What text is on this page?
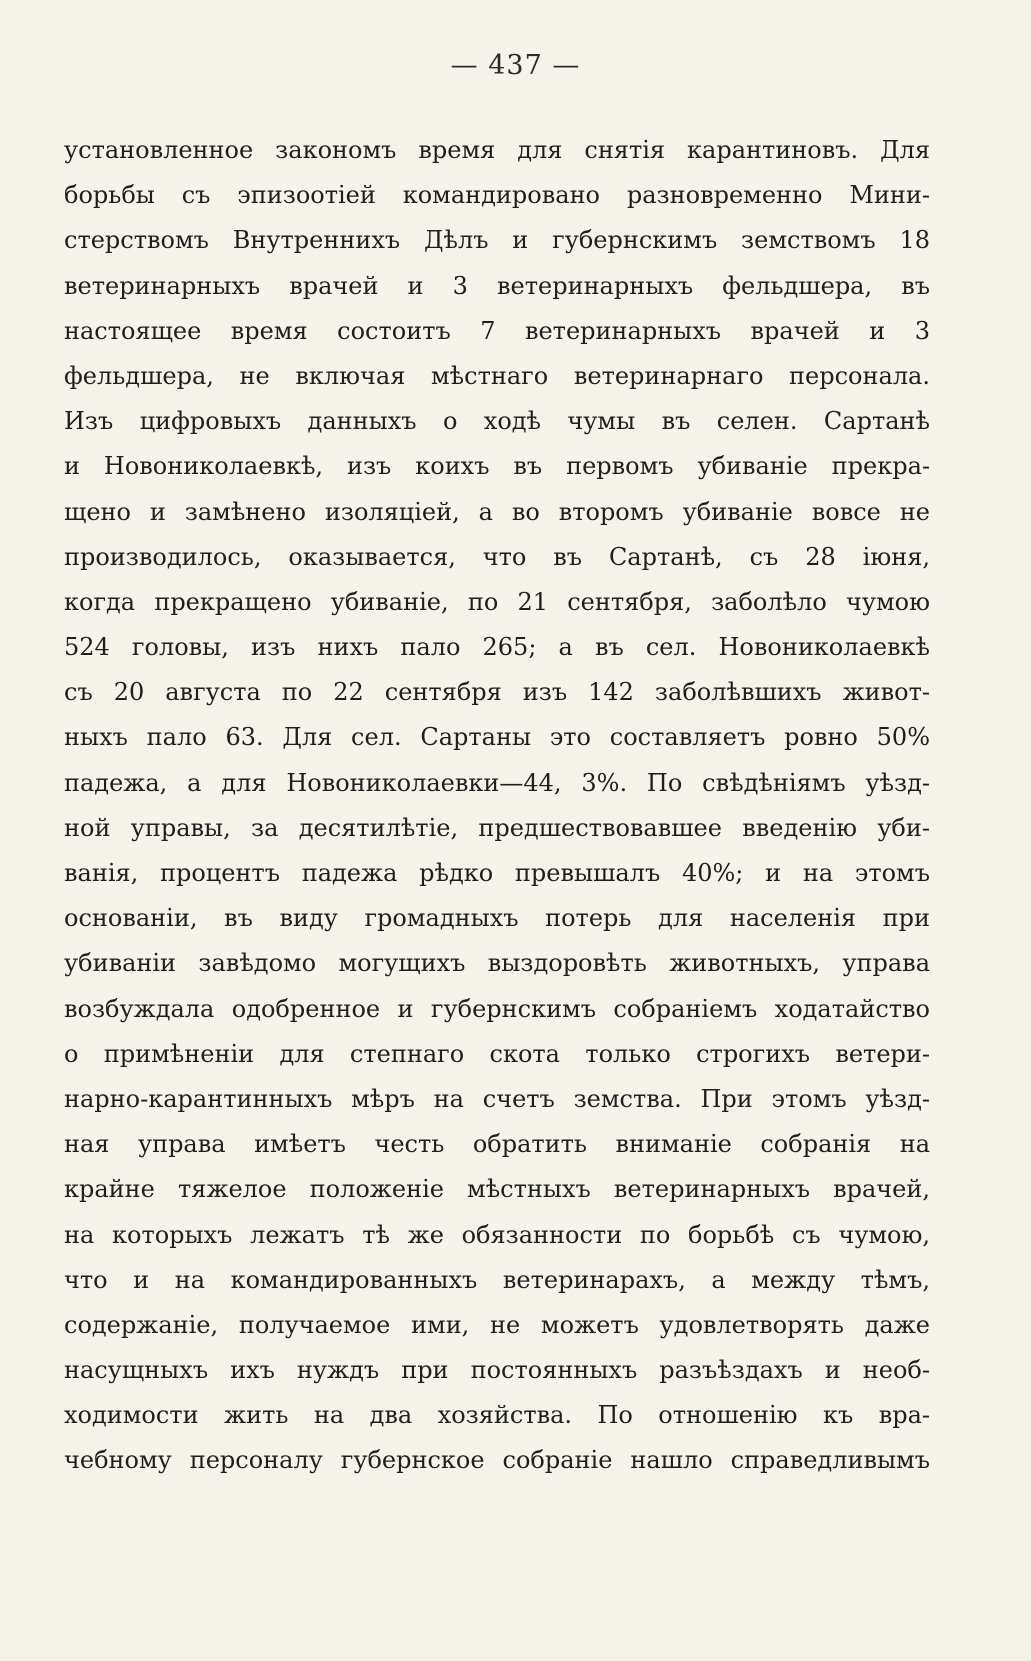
— 437 —
установленное закономъ время для снятія карантиновъ. Для
борьбы съ эпизоотіей командировано разновременно Мини-
стерствомъ Внутреннихъ Дѣлъ и губернскимъ земствомъ 18
ветеринарныхъ врачей и 3 ветеринарныхъ фельдшера, въ
настоящее время состоитъ 7 ветеринарныхъ врачей и 3
фельдшера, не включая мѣстнаго ветеринарнаго персонала.
Изъ цифровыхъ данныхъ о ходѣ чумы въ селен. Сартанѣ
и Новониколаевкѣ, изъ коихъ въ первомъ убиваніе прекра-
щено и замѣнено изоляціей, а во второмъ убиваніе вовсе не
производилось, оказывается, что въ Сартанѣ, съ 28 іюня,
когда прекращено убиваніе, по 21 сентября, заболѣло чумою
524 головы, изъ нихъ пало 265; а въ сел. Новониколаевкѣ
съ 20 августа по 22 сентября изъ 142 заболѣвшихъ живот-
ныхъ пало 63. Для сел. Сартаны это составляетъ ровно 50%
падежа, а для Новониколаевки—44, 3%. По свѣдѣніямъ уѣзд-
ной управы, за десятилѣтіе, предшествовавшее введенію уби-
ванія, процентъ падежа рѣдко превышалъ 40%; и на этомъ
основаніи, въ виду громадныхъ потерь для населенія при
убиваніи завѣдомо могущихъ выздоровѣть животныхъ, управа
возбуждала одобренное и губернскимъ собраніемъ ходатайство
о примѣненіи для степнаго скота только строгихъ ветери-
нарно-карантинныхъ мѣръ на счетъ земства. При этомъ уѣзд-
ная управа имѣетъ честь обратить вниманіе собранія на
крайне тяжелое положеніе мѣстныхъ ветеринарныхъ врачей,
на которыхъ лежатъ тѣ же обязанности по борьбѣ съ чумою,
что и на командированныхъ ветеринарахъ, а между тѣмъ,
содержаніе, получаемое ими, не можетъ удовлетворять даже
насущныхъ ихъ нуждъ при постоянныхъ разъѣздахъ и необ-
ходимости жить на два хозяйства. По отношенію къ вра-
чебному персоналу губернское собраніе нашло справедливымъ
